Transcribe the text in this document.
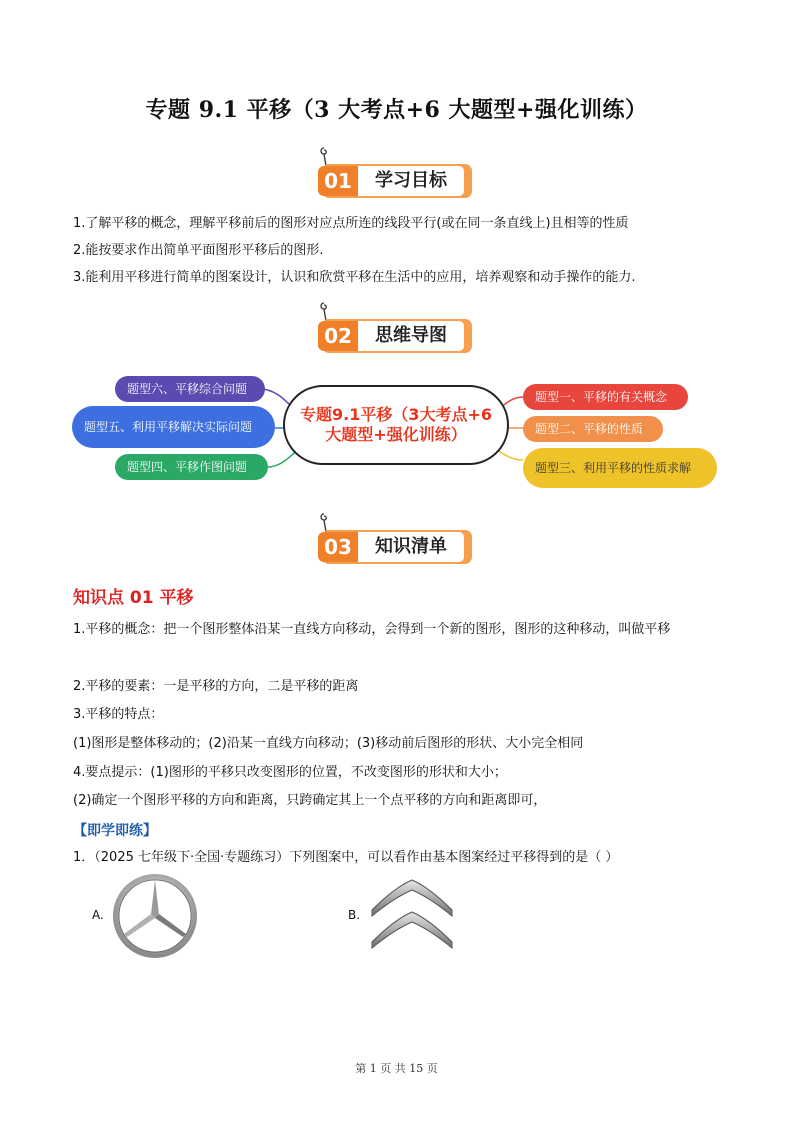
专题 9.1 平移（3 大考点+6 大题型+强化训练）
01	学习目标
1.了解平移的概念，理解平移前后的图形对应点所连的线段平行(或在同一条直线上)且相等的性质
2.能按要求作出简单平面图形平移后的图形.
3.能利用平移进行简单的图案设计，认识和欣赏平移在生活中的应用，培养观察和动手操作的能力.
02	思维导图
题型六、平移综合问题
题型五、利用平移解决实际问题
题型四、平移作图问题
专题9.1平移（3大考点+6大题型+强化训练）
题型一、平移的有关概念
题型二、平移的性质
题型三、利用平移的性质求解
03	知识清单
知识点 01 平移
1.平移的概念：把一个图形整体沿某一直线方向移动，会得到一个新的图形，图形的这种移动，叫做平移
2.平移的要素：一是平移的方向，二是平移的距离
3.平移的特点：
(1)图形是整体移动的；(2)沿某一直线方向移动；(3)移动前后图形的形状、大小完全相同
4.要点提示：(1)图形的平移只改变图形的位置，不改变图形的形状和大小；
(2)确定一个图形平移的方向和距离，只跨确定其上一个点平移的方向和距离即可，
【即学即练】
1．（2025 七年级下·全国·专题练习）下列图案中，可以看作由基本图案经过平移得到的是（ ）
A.	B.
第 1 页 共 15 页
